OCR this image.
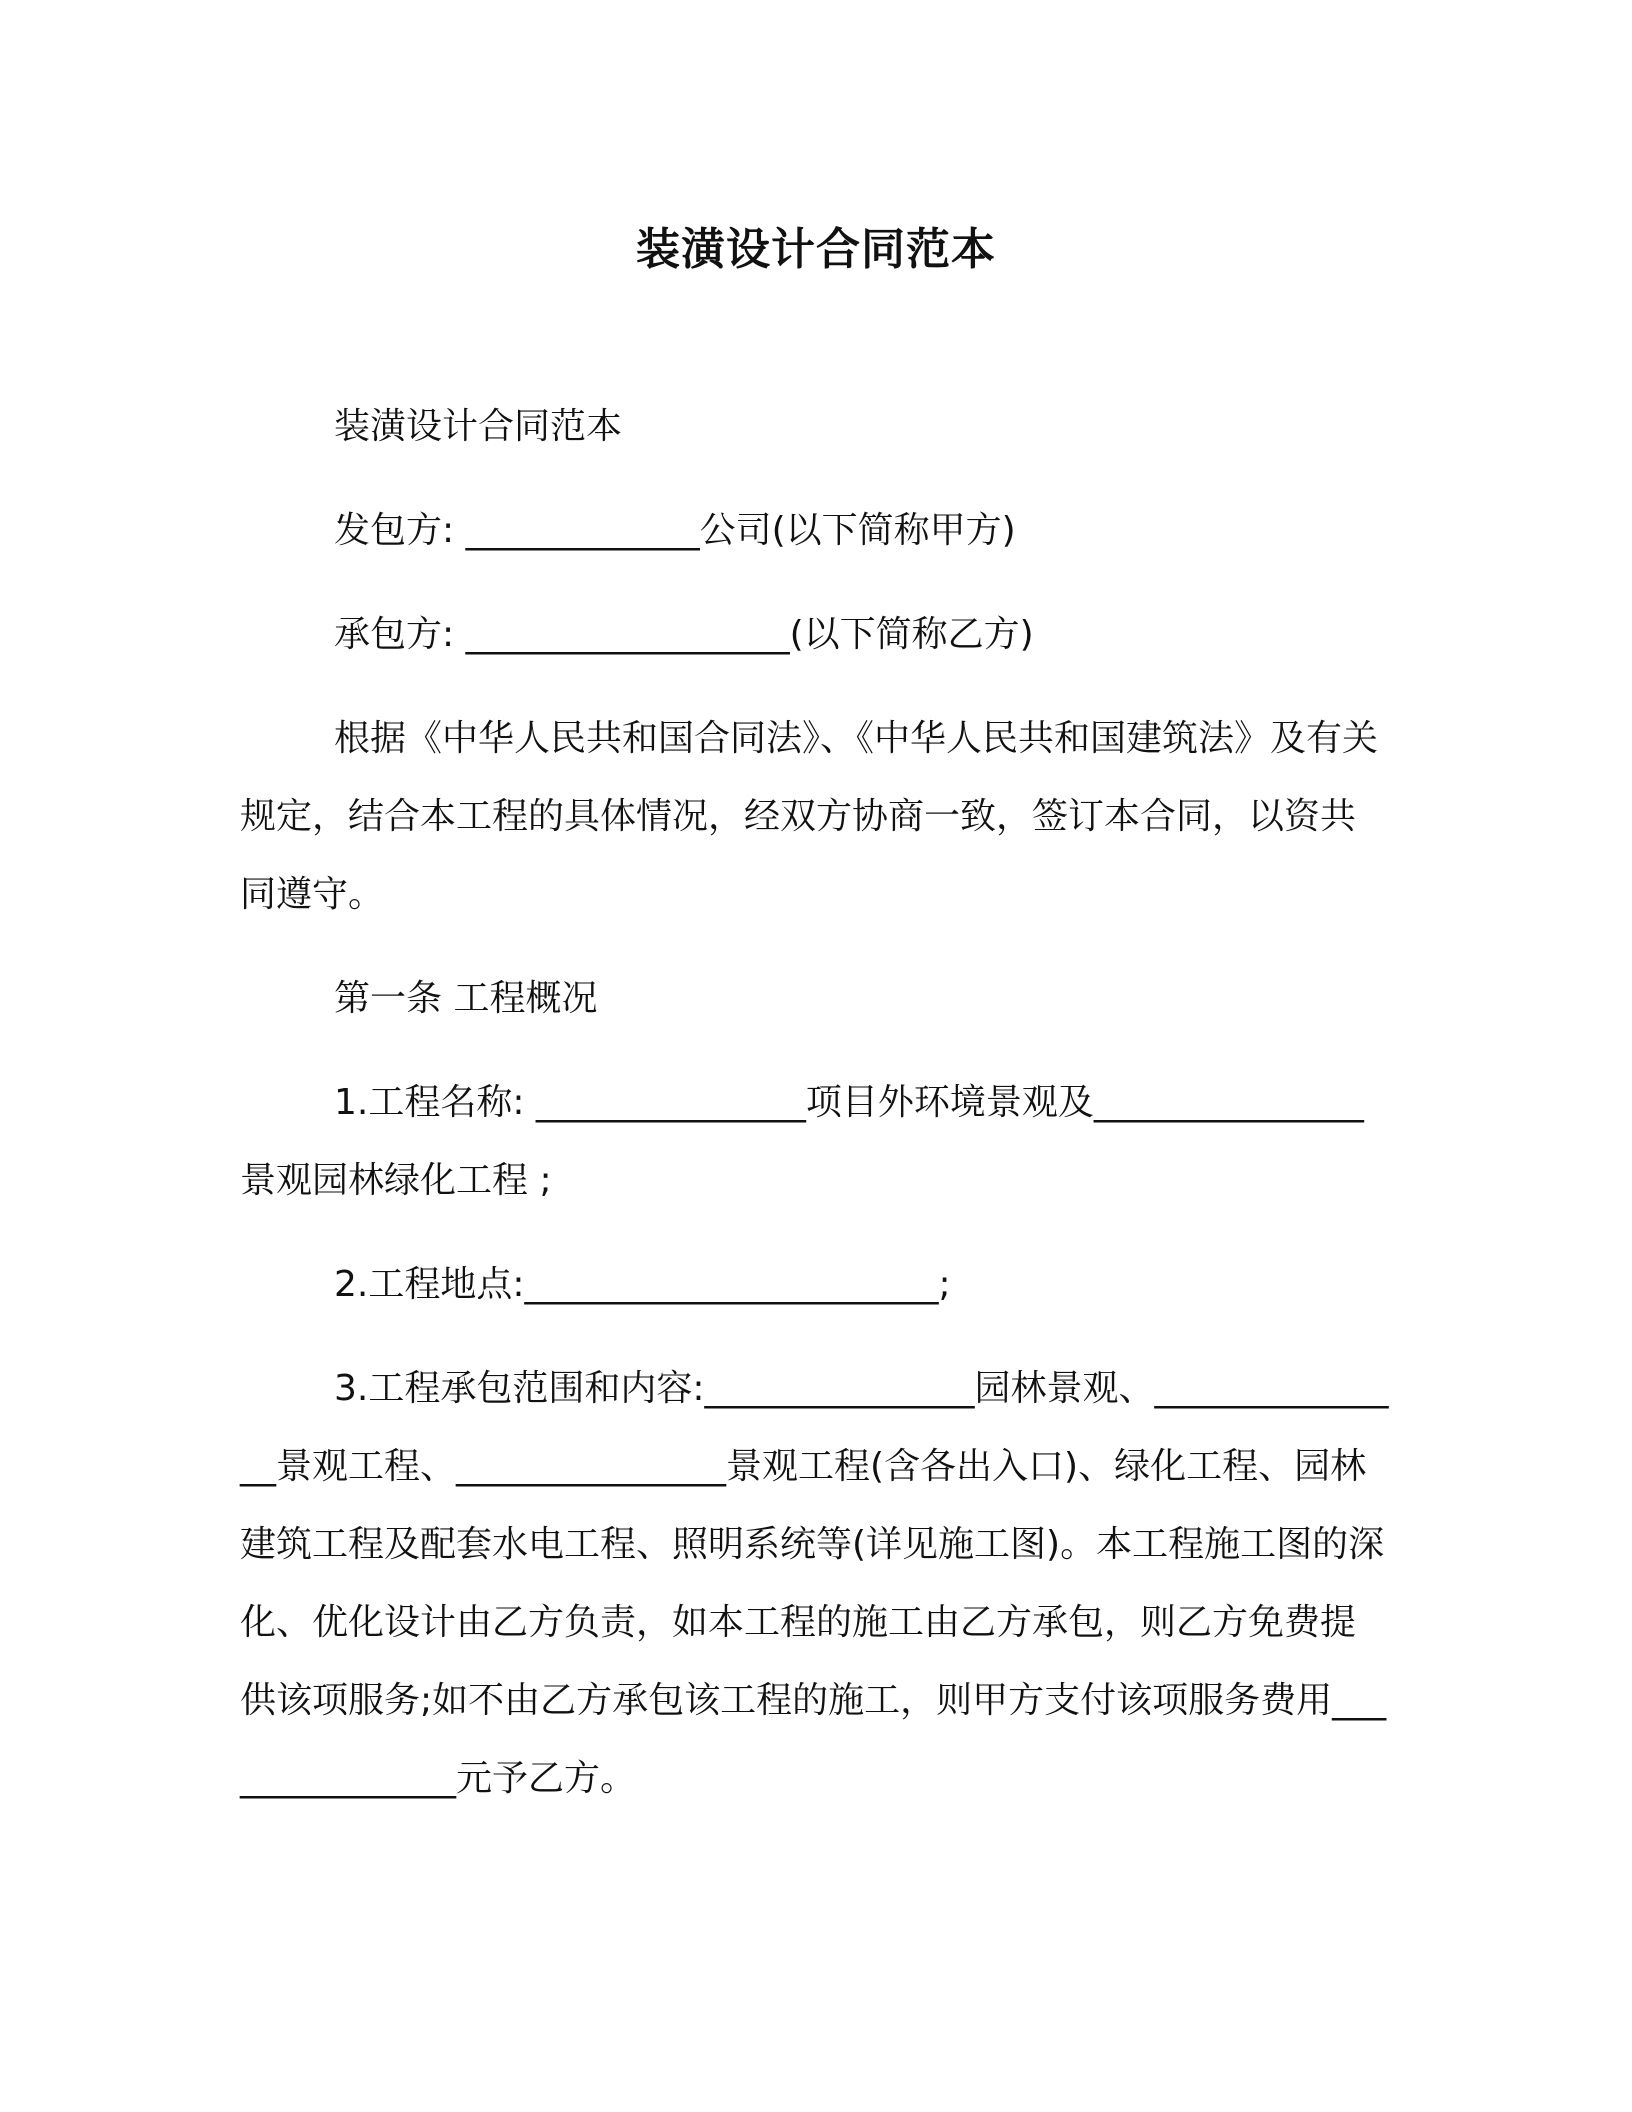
装潢设计合同范本

装潢设计合同范本

发包方: _____________公司(以下简称甲方)

承包方: __________________(以下简称乙方)

根据《中华人民共和国合同法》、《中华人民共和国建筑法》及有关规定，结合本工程的具体情况，经双方协商一致，签订本合同，以资共同遵守。

第一条 工程概况

1.工程名称: _______________项目外环境景观及_______________景观园林绿化工程 ;

2.工程地点:_______________________;

3.工程承包范围和内容:_______________园林景观、_______________景观工程、_______________景观工程(含各出入口)、绿化工程、园林建筑工程及配套水电工程、照明系统等(详见施工图)。本工程施工图的深化、优化设计由乙方负责，如本工程的施工由乙方承包，则乙方免费提供该项服务;如不由乙方承包该工程的施工，则甲方支付该项服务费用_______________元予乙方。
